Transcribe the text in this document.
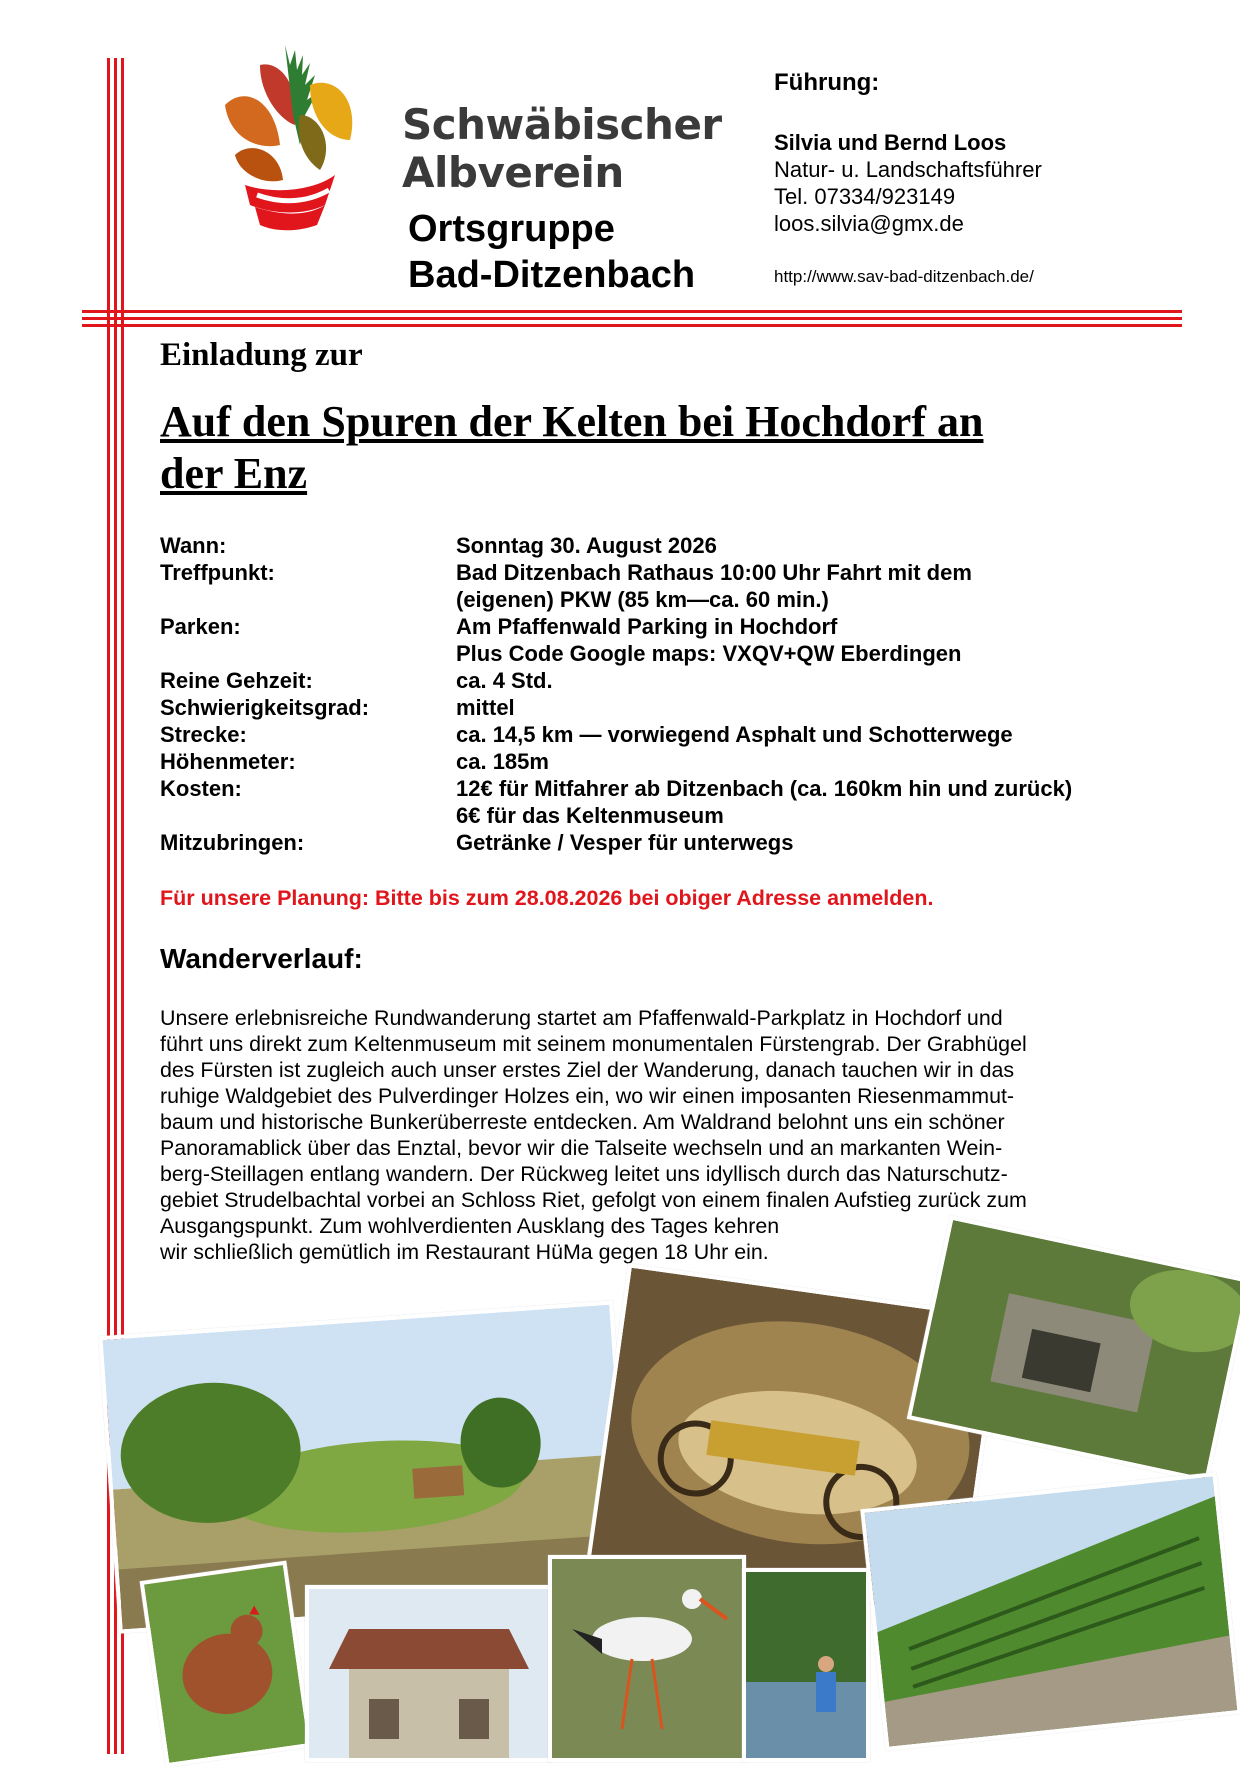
Schwäbischer
Albverein
Ortsgruppe
Bad-Ditzenbach
Führung:
Silvia und Bernd Loos
Natur- u. Landschaftsführer
Tel. 07334/923149
loos.silvia@gmx.de
http://www.sav-bad-ditzenbach.de/
Einladung zur
Auf den Spuren der Kelten bei Hochdorf an
der Enz
Wann:	Sonntag 30. August 2026
Treffpunkt:	Bad Ditzenbach Rathaus 10:00 Uhr Fahrt mit dem
(eigenen) PKW (85 km—ca. 60 min.)
Parken:	Am Pfaffenwald Parking in Hochdorf
Plus Code Google maps: VXQV+QW Eberdingen
Reine Gehzeit:	ca. 4 Std.
Schwierigkeitsgrad:	mittel
Strecke:	ca. 14,5 km — vorwiegend Asphalt und Schotterwege
Höhenmeter:	ca. 185m
Kosten:	12€ für Mitfahrer ab Ditzenbach (ca. 160km hin und zurück)
6€ für das Keltenmuseum
Mitzubringen:	Getränke / Vesper für unterwegs
Für unsere Planung: Bitte bis zum 28.08.2026 bei obiger Adresse anmelden.
Wanderverlauf:

Unsere erlebnisreiche Rundwanderung startet am Pfaffenwald-Parkplatz in Hochdorf und

führt uns direkt zum Keltenmuseum mit seinem monumentalen Fürstengrab. Der Grabhügel

des Fürsten ist zugleich auch unser erstes Ziel der Wanderung, danach tauchen wir in das

ruhige Waldgebiet des Pulverdinger Holzes ein, wo wir einen imposanten Riesenmammut-

baum und historische Bunkerüberreste entdecken. Am Waldrand belohnt uns ein schöner

Panoramablick über das Enztal, bevor wir die Talseite wechseln und an markanten Wein-

berg-Steillagen entlang wandern. Der Rückweg leitet uns idyllisch durch das Naturschutz-

gebiet Strudelbachtal vorbei an Schloss Riet, gefolgt von einem finalen Aufstieg zurück zum

Ausgangspunkt. Zum wohlverdienten Ausklang des Tages kehren

wir schließlich gemütlich im Restaurant HüMa gegen 18 Uhr ein.
